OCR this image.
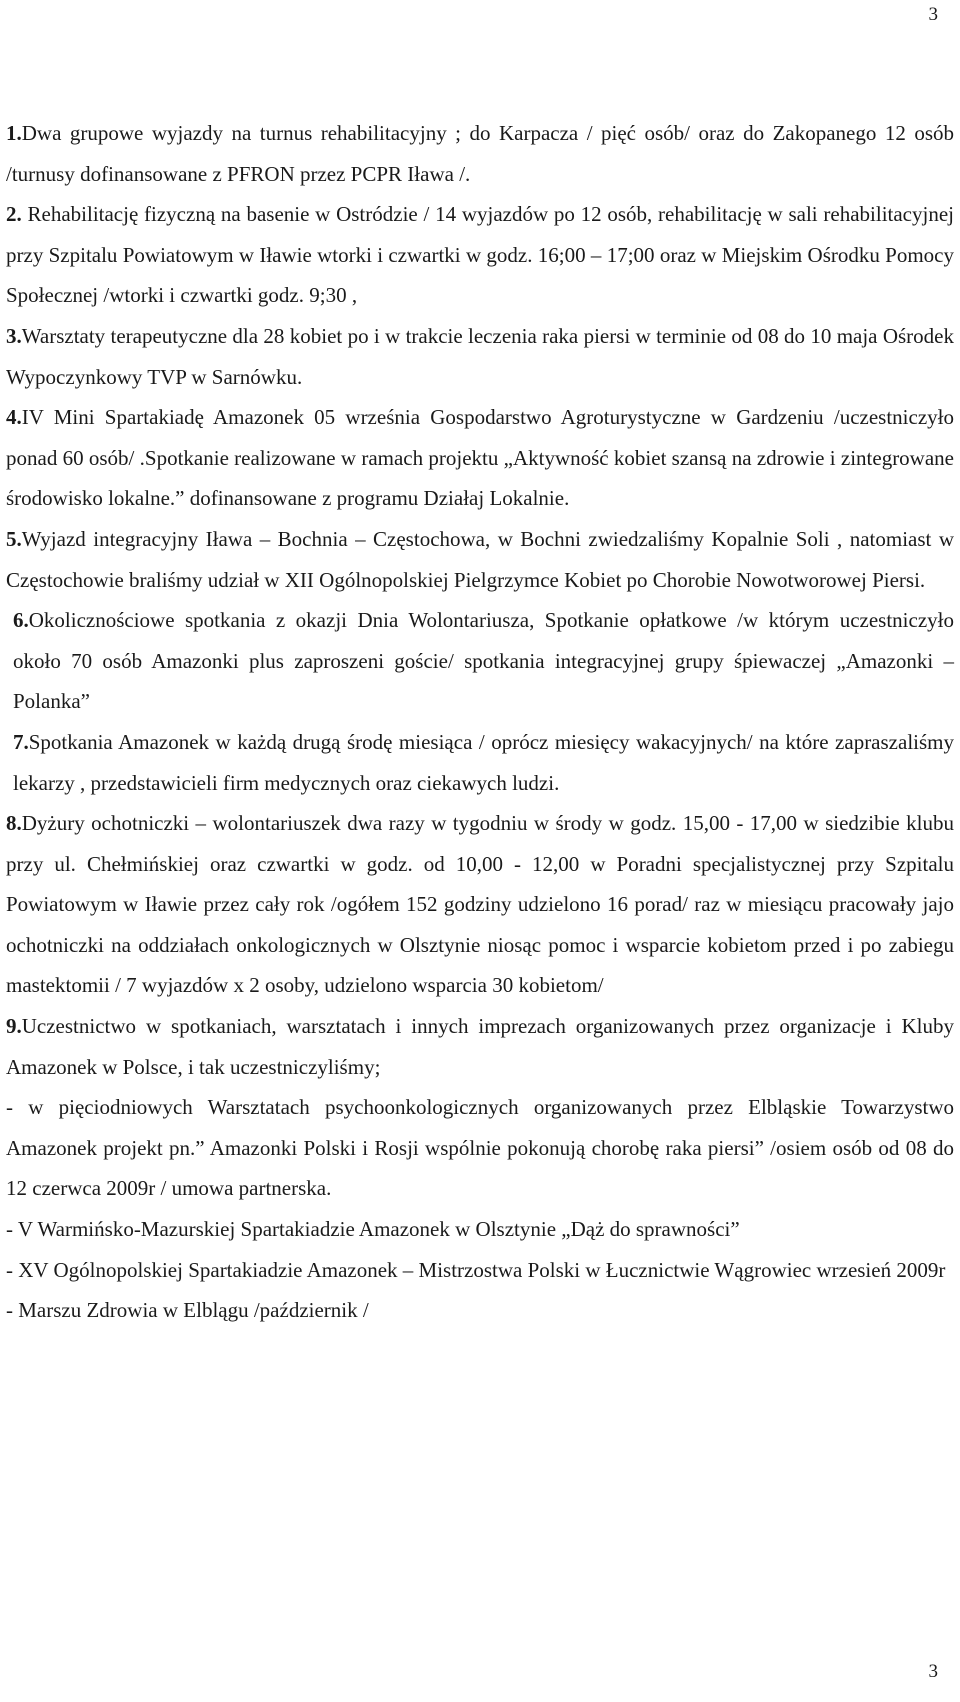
3

1.Dwa grupowe wyjazdy na turnus rehabilitacyjny ; do Karpacza / pięć osób/ oraz do Zakopanego 12 osób /turnusy dofinansowane z PFRON przez PCPR Iława /.

2. Rehabilitację fizyczną na basenie w Ostródzie / 14 wyjazdów po 12 osób, rehabilitację w sali rehabilitacyjnej przy Szpitalu Powiatowym w Iławie wtorki i czwartki w godz. 16;00 – 17;00 oraz w Miejskim Ośrodku Pomocy Społecznej /wtorki i czwartki godz. 9;30 ,

3.Warsztaty terapeutyczne dla 28 kobiet po i w trakcie leczenia raka piersi w terminie od 08 do 10 maja Ośrodek Wypoczynkowy TVP w Sarnówku.

4.IV Mini Spartakiadę Amazonek 05 września Gospodarstwo Agroturystyczne w Gardzeniu /uczestniczyło ponad 60 osób/ .Spotkanie realizowane w ramach projektu „Aktywność kobiet szansą na zdrowie i zintegrowane środowisko lokalne.” dofinansowane z programu Działaj Lokalnie.

5.Wyjazd integracyjny Iława – Bochnia – Częstochowa, w Bochni zwiedzaliśmy Kopalnie Soli , natomiast w Częstochowie braliśmy udział w XII Ogólnopolskiej Pielgrzymce Kobiet po Chorobie Nowotworowej Piersi.

6.Okolicznościowe spotkania z okazji Dnia Wolontariusza, Spotkanie opłatkowe /w którym uczestniczyło około 70 osób Amazonki plus zaproszeni goście/ spotkania integracyjnej grupy śpiewaczej „Amazonki – Polanka”

7.Spotkania Amazonek w każdą drugą środę miesiąca / oprócz miesięcy wakacyjnych/ na które zapraszaliśmy lekarzy , przedstawicieli firm medycznych oraz ciekawych ludzi.

8.Dyżury ochotniczki – wolontariuszek dwa razy w tygodniu w środy w godz. 15,00 - 17,00 w siedzibie klubu przy ul. Chełmińskiej oraz czwartki w godz. od 10,00 - 12,00 w Poradni specjalistycznej przy Szpitalu Powiatowym w Iławie przez cały rok /ogółem 152 godziny udzielono 16 porad/ raz w miesiącu pracowały jajo ochotniczki na oddziałach onkologicznych w Olsztynie niosąc pomoc i wsparcie kobietom przed i po zabiegu mastektomii / 7 wyjazdów x 2 osoby, udzielono wsparcia 30 kobietom/

9.Uczestnictwo w spotkaniach, warsztatach i innych imprezach organizowanych przez organizacje i Kluby Amazonek w Polsce, i tak uczestniczyliśmy;

- w pięciodniowych Warsztatach psychoonkologicznych organizowanych przez Elbląskie Towarzystwo Amazonek projekt pn.” Amazonki Polski i Rosji wspólnie pokonują chorobę raka piersi” /osiem osób od 08 do 12 czerwca 2009r / umowa partnerska.

- V Warmińsko-Mazurskiej Spartakiadzie Amazonek w Olsztynie „Dąż do sprawności”

- XV Ogólnopolskiej Spartakiadzie Amazonek – Mistrzostwa Polski w Łucznictwie Wągrowiec wrzesień 2009r

- Marszu Zdrowia w Elblągu /październik /

3
